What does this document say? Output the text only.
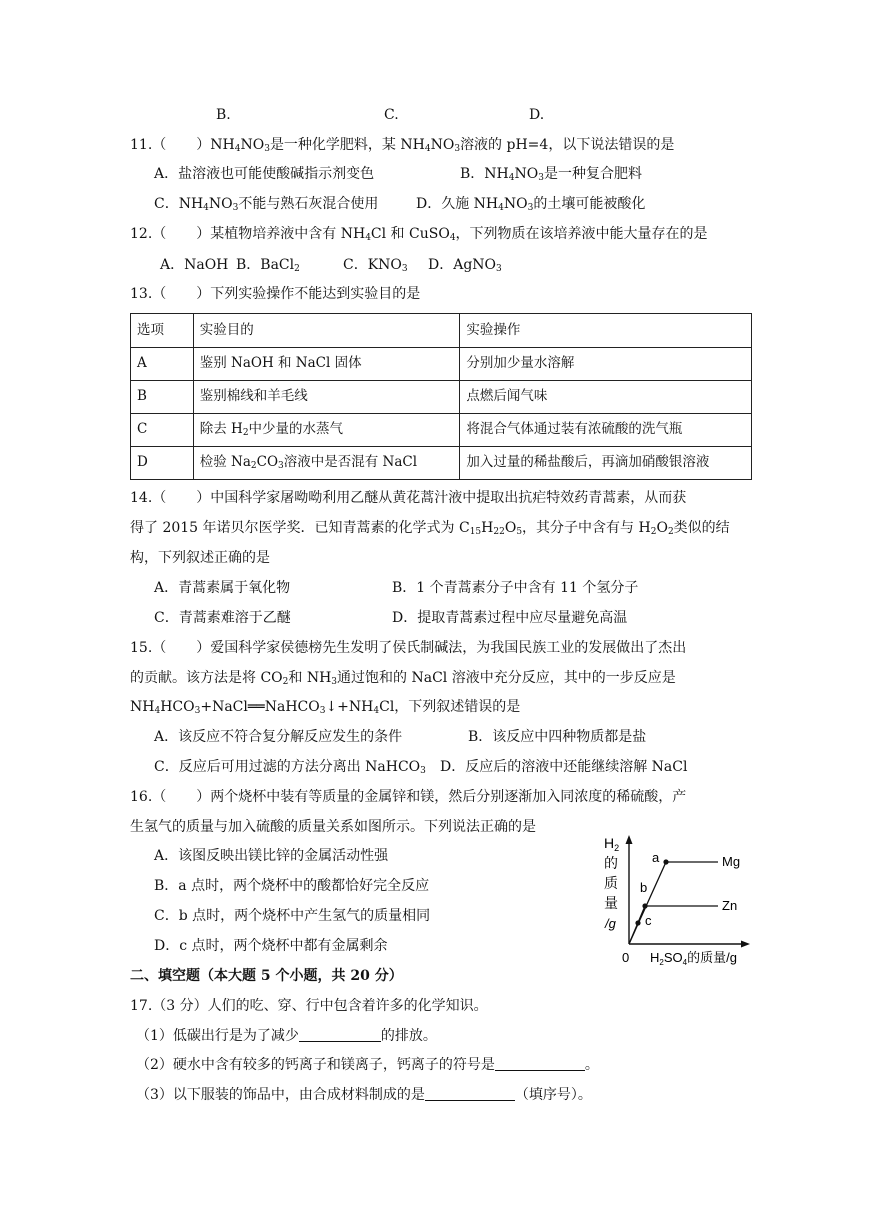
B.	C.	D.
11.（ ）$NH_4NO_3$是一种化学肥料，某 $NH_4NO_3$溶液的 pH=4，以下说法错误的是
A．盐溶液也可能使酸碱指示剂变色	B．$NH_4NO_3$是一种复合肥料
C．$NH_4NO_3$不能与熟石灰混合使用	D．久施 $NH_4NO_3$的土壤可能被酸化
12.（ ）某植物培养液中含有 $NH_4Cl$ 和 CuSO$_4$，下列物质在该培养液中能大量存在的是
A．NaOH B．BaCl$_2$	C．$KNO_3$ D．AgNO$_3$
13.（ ）下列实验操作不能达到实验目的是
选项	实验目的	实验操作
A	鉴别 NaOH 和 NaCl 固体	分别加少量水溶解
B	鉴别棉线和羊毛线	点燃后闻气味
C	除去 $H_2$中少量的水蒸气	将混合气体通过装有浓硫酸的洗气瓶
D	检验 $Na_2CO_3$溶液中是否混有 NaCl	加入过量的稀盐酸后，再滴加硝酸银溶液
14.（ ）中国科学家屠呦呦利用乙醚从黄花蒿汁液中提取出抗疟特效药青蒿素，从而获
得了 2015 年诺贝尔医学奖．已知青蒿素的化学式为 $C_{15}H_{22}O_5$，其分子中含有与 $H_2O_2$类似的结
构，下列叙述正确的是
A．青蒿素属于氧化物	B．1 个青蒿素分子中含有 11 个氢分子
C．青蒿素难溶于乙醚	D．提取青蒿素过程中应尽量避免高温
15.（ ）爱国科学家侯德榜先生发明了侯氏制碱法，为我国民族工业的发展做出了杰出
的贡献。该方法是将 $CO_2$和 $NH_3$通过饱和的 NaCl 溶液中充分反应，其中的一步反应是
$NH_4HCO_3+NaCl══NaHCO_3↓+NH_4Cl$，下列叙述错误的是
A．该反应不符合复分解反应发生的条件	B．该反应中四种物质都是盐
C．反应后可用过滤的方法分离出 NaHCO$_3$ D．反应后的溶液中还能继续溶解 NaCl
16.（ ）两个烧杯中装有等质量的金属锌和镁，然后分别逐渐加入同浓度的稀硫酸，产
生氢气的质量与加入硫酸的质量关系如图所示。下列说法正确的是
A．该图反映出镁比锌的金属活动性强
B．a 点时，两个烧杯中的酸都恰好完全反应
C．b 点时，两个烧杯中产生氢气的质量相同
D．c 点时，两个烧杯中都有金属剩余
$H_2$
的
质
量
/g
a
b
c
Mg
Zn
0 $H_2SO_4$的质量/g
二、填空题（本大题 5 个小题，共 20 分）
17.（3 分）人们的吃、穿、行中包含着许多的化学知识。
（1）低碳出行是为了减少	的排放。
（2）硬水中含有较多的钙离子和镁离子，钙离子的符号是	。
（3）以下服装的饰品中，由合成材料制成的是	（填序号）。
